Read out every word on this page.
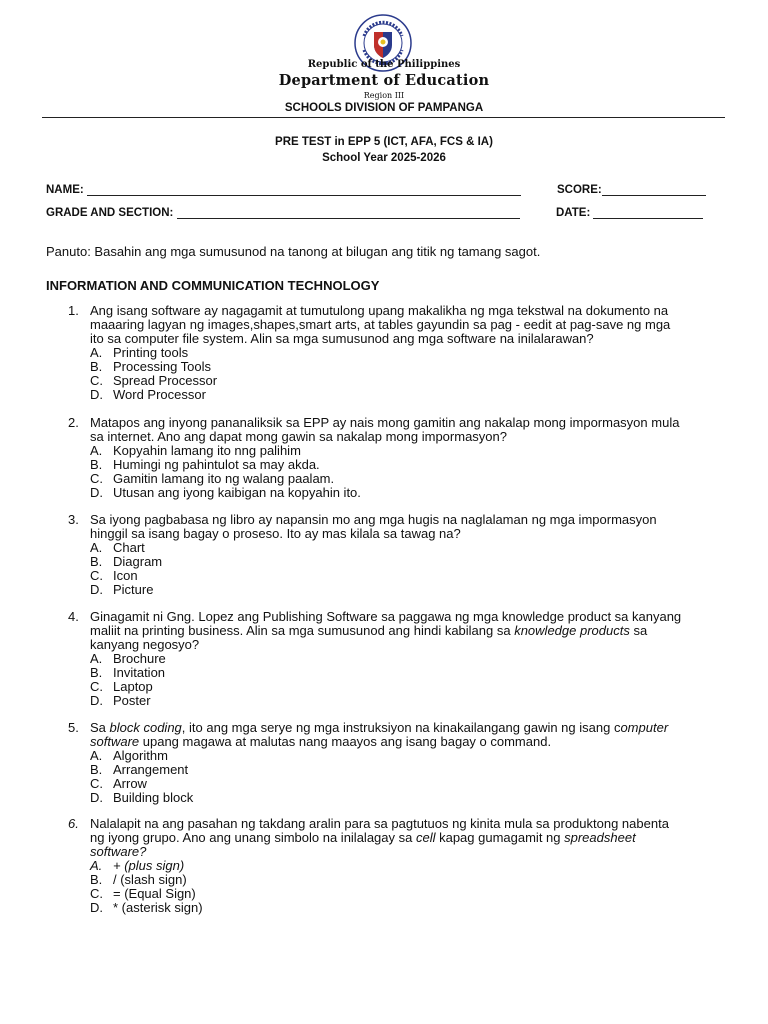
Republic of the Philippines
Department of Education
Region III
SCHOOLS DIVISION OF PAMPANGA
PRE TEST in EPP 5 (ICT, AFA, FCS & IA)
School Year 2025-2026
NAME:	SCORE:
GRADE AND SECTION:	DATE:
Panuto: Basahin ang mga sumusunod na tanong at bilugan ang titik ng tamang sagot.
INFORMATION AND COMMUNICATION TECHNOLOGY
1. Ang isang software ay nagagamit at tumutulong upang makalikha ng mga tekstwal na dokumento na
maaaring lagyan ng images,shapes,smart arts, at tables gayundin sa pag - eedit at pag-save ng mga
ito sa computer file system. Alin sa mga sumusunod ang mga software na inilalarawan?
A. Printing tools
B. Processing Tools
C. Spread Processor
D. Word Processor
2. Matapos ang inyong pananaliksik sa EPP ay nais mong gamitin ang nakalap mong impormasyon mula
sa internet. Ano ang dapat mong gawin sa nakalap mong impormasyon?
A. Kopyahin lamang ito nng palihim
B. Humingi ng pahintulot sa may akda.
C. Gamitin lamang ito ng walang paalam.
D. Utusan ang iyong kaibigan na kopyahin ito.
3. Sa iyong pagbabasa ng libro ay napansin mo ang mga hugis na naglalaman ng mga impormasyon
hinggil sa isang bagay o proseso. Ito ay mas kilala sa tawag na?
A. Chart
B. Diagram
C. Icon
D. Picture
4. Ginagamit ni Gng. Lopez ang Publishing Software sa paggawa ng mga knowledge product sa kanyang
maliit na printing business. Alin sa mga sumusunod ang hindi kabilang sa knowledge products sa
kanyang negosyo?
A. Brochure
B. Invitation
C. Laptop
D. Poster
5. Sa block coding, ito ang mga serye ng mga instruksiyon na kinakailangang gawin ng isang computer
software upang magawa at malutas nang maayos ang isang bagay o command.
A. Algorithm
B. Arrangement
C. Arrow
D. Building block
6. Nalalapit na ang pasahan ng takdang aralin para sa pagtutuos ng kinita mula sa produktong nabenta
ng iyong grupo. Ano ang unang simbolo na inilalagay sa cell kapag gumagamit ng spreadsheet
software?
A. + (plus sign)
B. / (slash sign)
C. = (Equal Sign)
D. * (asterisk sign)
